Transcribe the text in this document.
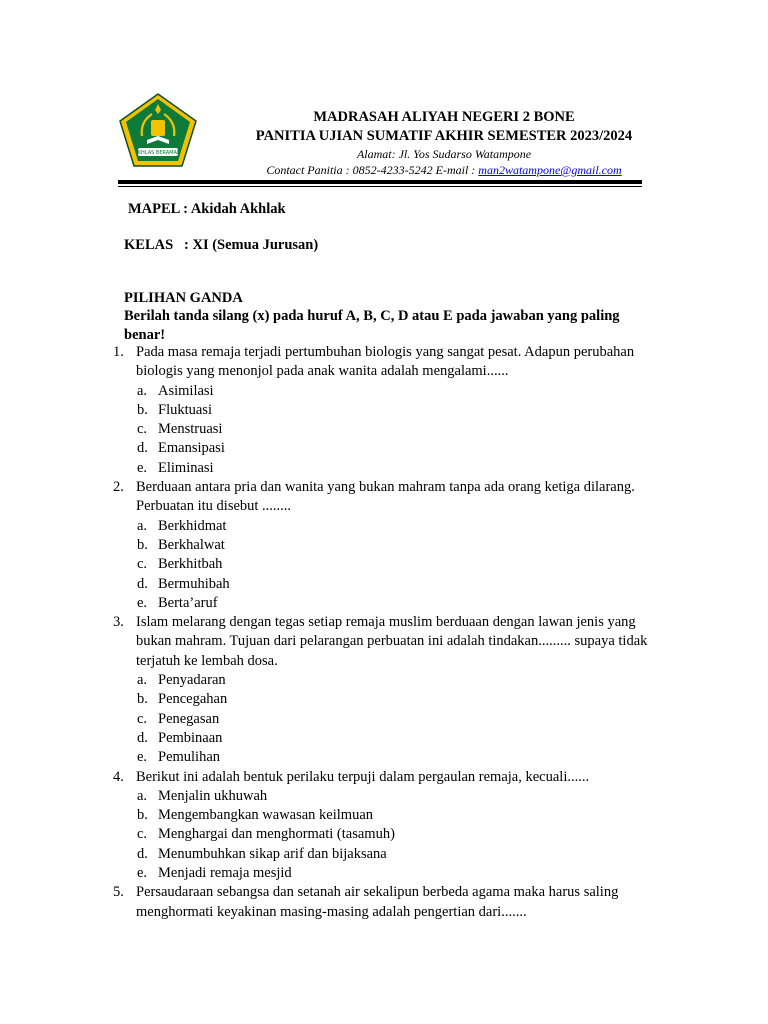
IKHLAS BERAMAL

MADRASAH ALIYAH NEGERI 2 BONE

PANITIA UJIAN SUMATIF AKHIR SEMESTER 2023/2024

Alamat: Jl. Yos Sudarso Watampone

Contact Panitia : 0852-4233-5242 E-mail : man2watampone@gmail.com

MAPEL : Akidah Akhlak
KELAS   : XI (Semua Jurusan)
PILIHAN GANDA
Berilah tanda silang (x) pada huruf A, B, C, D atau E pada jawaban yang paling benar!
1. Pada masa remaja terjadi pertumbuhan biologis yang sangat pesat. Adapun perubahan biologis yang menonjol pada anak wanita adalah mengalami......
a. Asimilasi
b. Fluktuasi
c. Menstruasi
d. Emansipasi
e. Eliminasi
2. Berduaan antara pria dan wanita yang bukan mahram tanpa ada orang ketiga dilarang. Perbuatan itu disebut ........
a. Berkhidmat
b. Berkhalwat
c. Berkhitbah
d. Bermuhibah
e. Berta’aruf
3. Islam melarang dengan tegas setiap remaja muslim berduaan dengan lawan jenis yang bukan mahram. Tujuan dari pelarangan perbuatan ini adalah tindakan......... supaya tidak terjatuh ke lembah dosa.
a. Penyadaran
b. Pencegahan
c. Penegasan
d. Pembinaan
e. Pemulihan
4. Berikut ini adalah bentuk perilaku terpuji dalam pergaulan remaja, kecuali......
a. Menjalin ukhuwah
b. Mengembangkan wawasan keilmuan
c. Menghargai dan menghormati (tasamuh)
d. Menumbuhkan sikap arif dan bijaksana
e. Menjadi remaja mesjid
5. Persaudaraan sebangsa dan setanah air sekalipun berbeda agama maka harus saling menghormati keyakinan masing-masing adalah pengertian dari.......
